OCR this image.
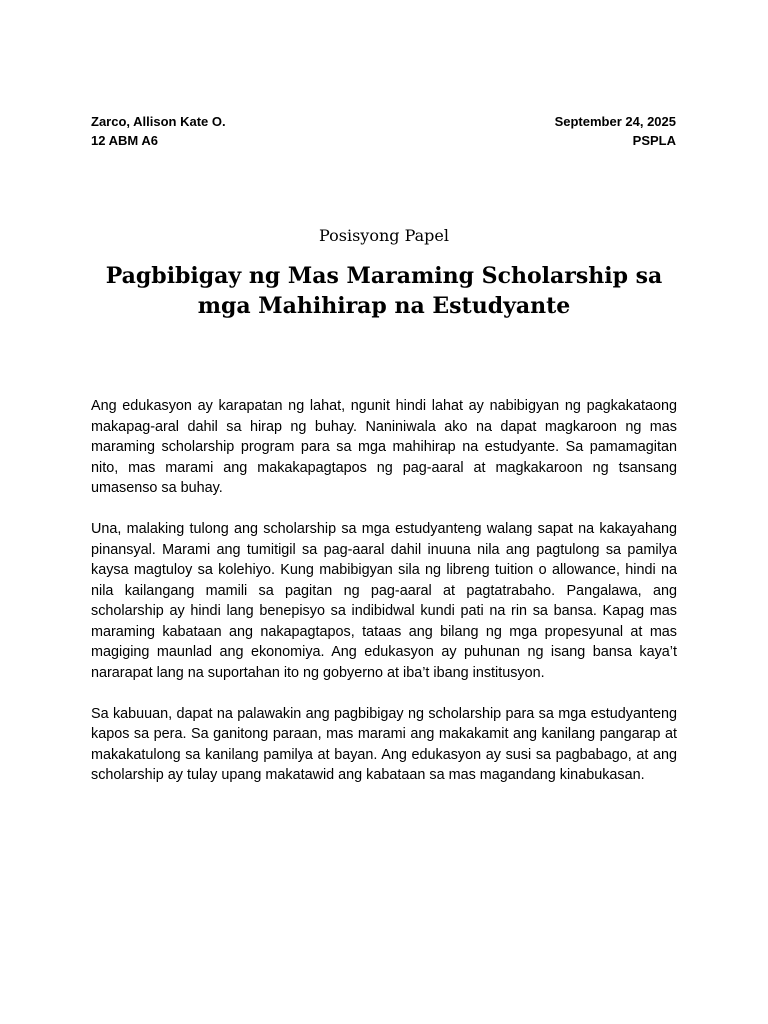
Zarco, Allison Kate O.
12 ABM A6
September 24, 2025
PSPLA
Posisyong Papel
Pagbibigay ng Mas Maraming Scholarship sa mga Mahihirap na Estudyante

Ang edukasyon ay karapatan ng lahat, ngunit hindi lahat ay nabibigyan ng pagkakataong makapag-aral dahil sa hirap ng buhay. Naniniwala ako na dapat magkaroon ng mas maraming scholarship program para sa mga mahihirap na estudyante. Sa pamamagitan nito, mas marami ang makakapagtapos ng pag-aaral at magkakaroon ng tsansang umasenso sa buhay.

Una, malaking tulong ang scholarship sa mga estudyanteng walang sapat na kakayahang pinansyal. Marami ang tumitigil sa pag-aaral dahil inuuna nila ang pagtulong sa pamilya kaysa magtuloy sa kolehiyo. Kung mabibigyan sila ng libreng tuition o allowance, hindi na nila kailangang mamili sa pagitan ng pag-aaral at pagtatrabaho. Pangalawa, ang scholarship ay hindi lang benepisyo sa indibidwal kundi pati na rin sa bansa. Kapag mas maraming kabataan ang nakapagtapos, tataas ang bilang ng mga propesyunal at mas magiging maunlad ang ekonomiya. Ang edukasyon ay puhunan ng isang bansa kaya’t nararapat lang na suportahan ito ng gobyerno at iba’t ibang institusyon.

Sa kabuuan, dapat na palawakin ang pagbibigay ng scholarship para sa mga estudyanteng kapos sa pera. Sa ganitong paraan, mas marami ang makakamit ang kanilang pangarap at makakatulong sa kanilang pamilya at bayan. Ang edukasyon ay susi sa pagbabago, at ang scholarship ay tulay upang makatawid ang kabataan sa mas magandang kinabukasan.
